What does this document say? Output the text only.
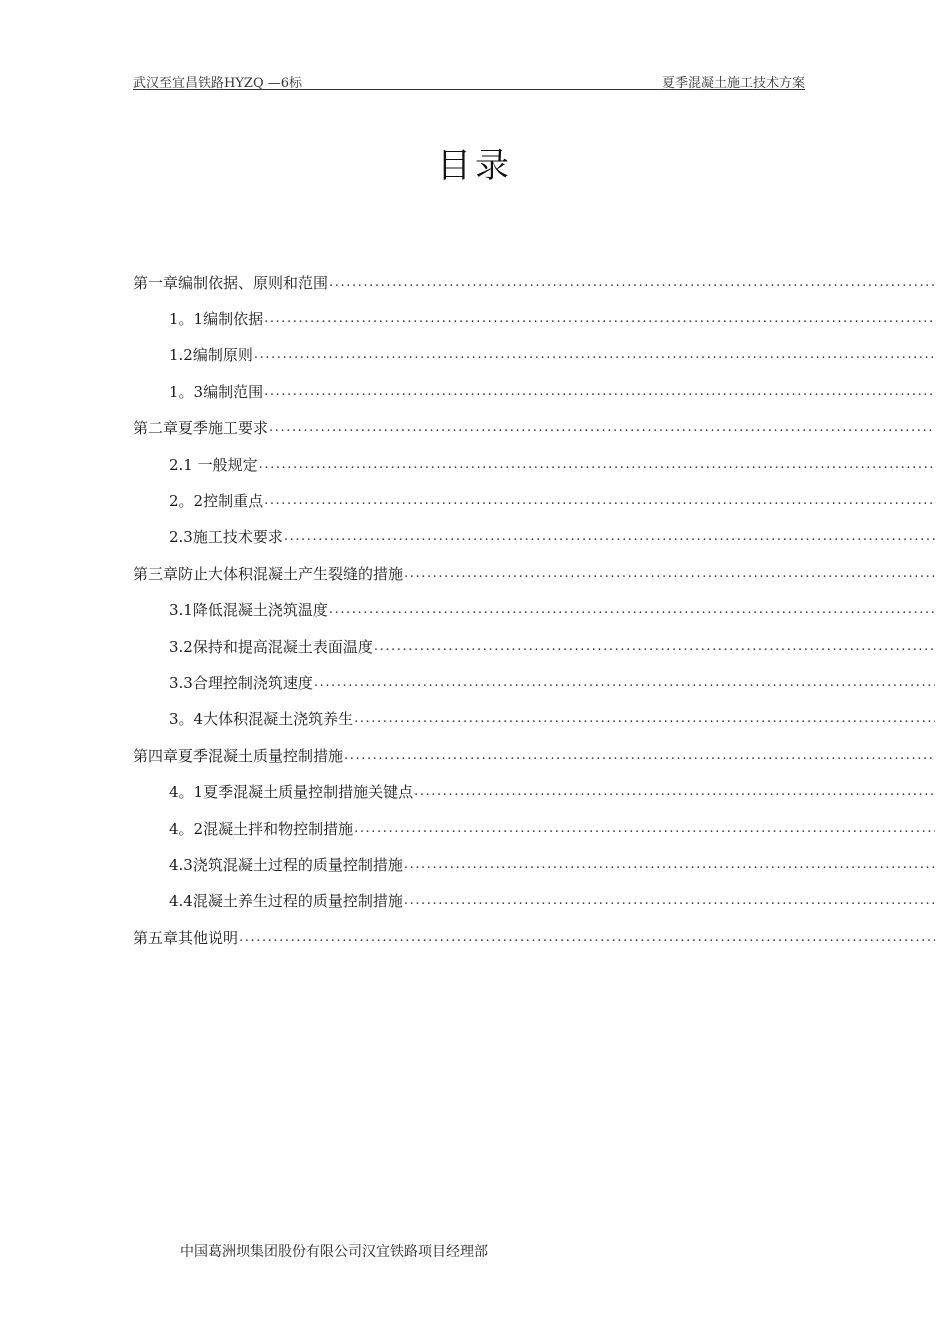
武汉至宜昌铁路HYZQ —6标	夏季混凝土施工技术方案
目录
第一章编制依据、原则和范围
.....
1。1编制依据
.....
1.2编制原则
.....
1。3编制范围
.....
第二章夏季施工要求
.....
2.1 一般规定
.....
2。2控制重点
.....
2.3施工技术要求
.....
第三章防止大体积混凝土产生裂缝的措施
.....
3.1降低混凝土浇筑温度
.....
3.2保持和提高混凝土表面温度
.....
3.3合理控制浇筑速度
.....
3。4大体积混凝土浇筑养生
.....
第四章夏季混凝土质量控制措施
.....
4。1夏季混凝土质量控制措施关键点
.....
4。2混凝土拌和物控制措施
.....
4.3浇筑混凝土过程的质量控制措施
.....
4.4混凝土养生过程的质量控制措施
.....
第五章其他说明
.....
中国葛洲坝集团股份有限公司汉宜铁路项目经理部
